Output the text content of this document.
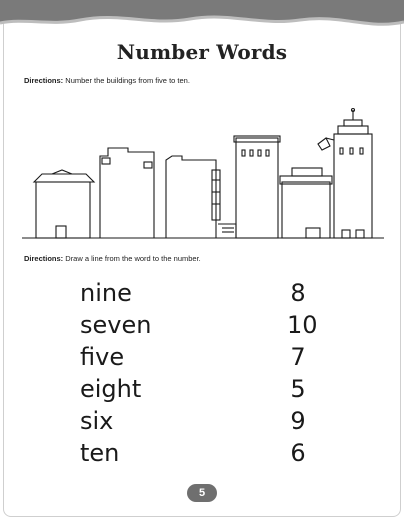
Number Words
Directions: Number the buildings from five to ten.
Directions: Draw a line from the word to the number.
nine	8
seven	10
five	7
eight	5
six	9
ten	6
5
